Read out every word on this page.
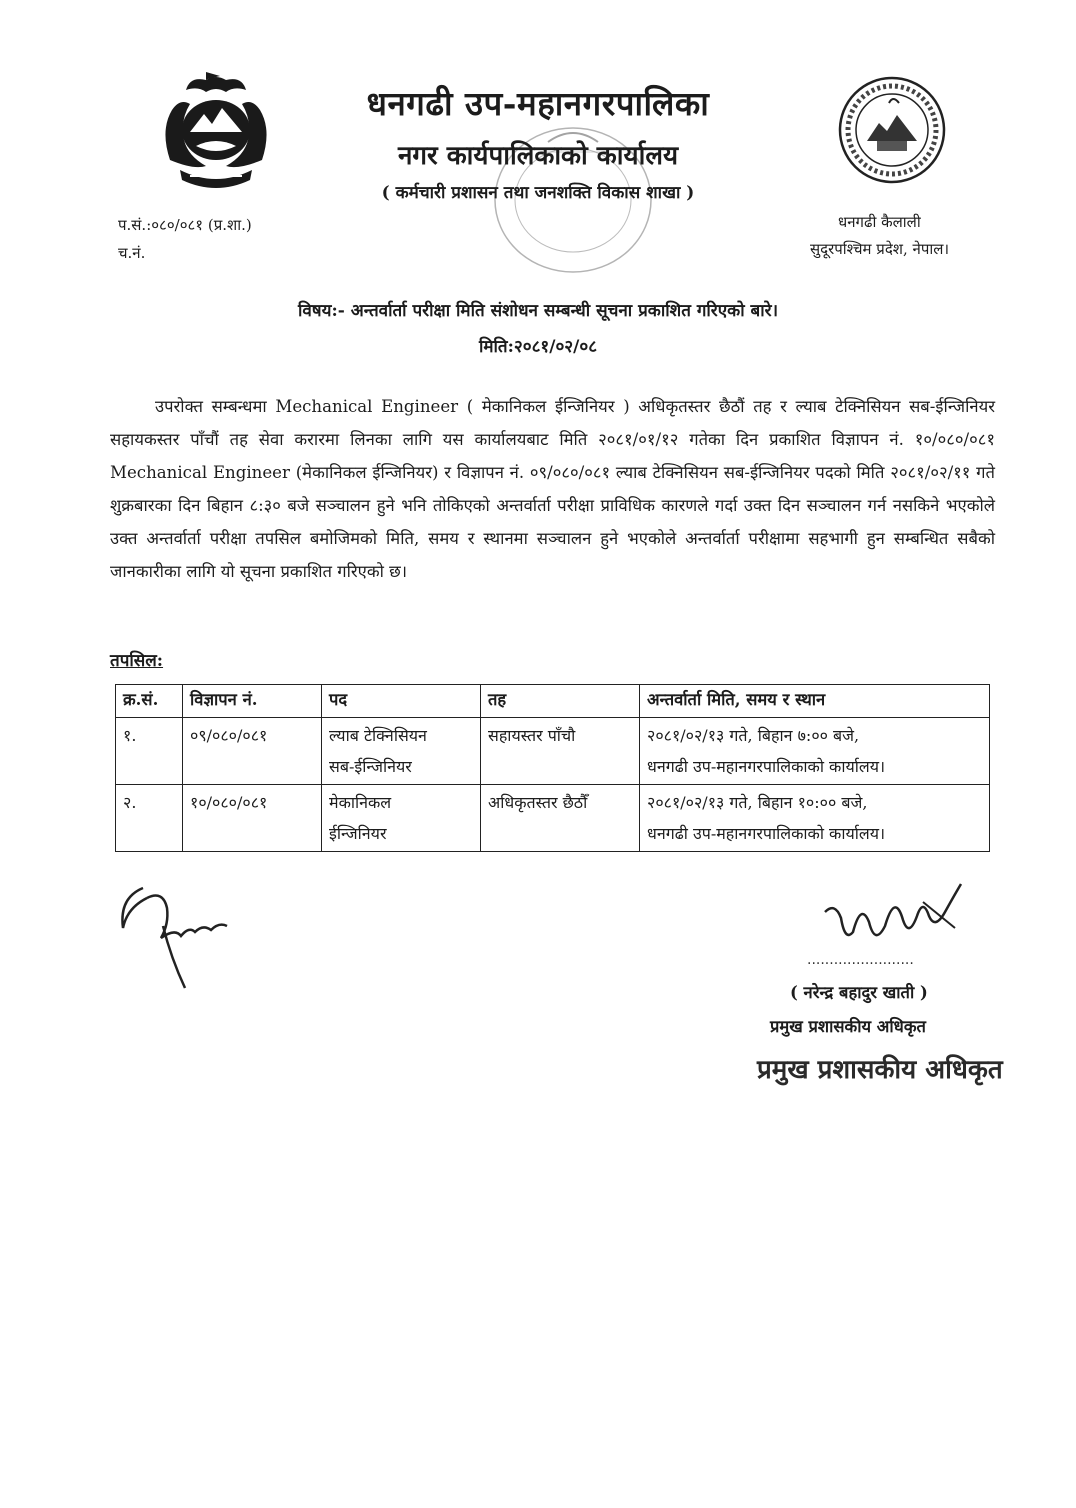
धनगढी उप-महानगरपालिका
नगर कार्यपालिकाको कार्यालय
( कर्मचारी प्रशासन तथा जनशक्ति विकास शाखा )
प.सं.:०८०/०८१ (प्र.शा.)
च.नं.
धनगढी कैलाली
सुदूरपश्चिम प्रदेश, नेपाल।
विषय:- अन्तर्वार्ता परीक्षा मिति संशोधन सम्बन्धी सूचना प्रकाशित गरिएको बारे।
मिति:२०८१/०२/०८
उपरोक्त सम्बन्धमा Mechanical Engineer ( मेकानिकल ईन्जिनियर ) अधिकृतस्तर छैठौं तह र ल्याब टेक्निसियन सब-ईन्जिनियर सहायकस्तर पाँचौं तह सेवा करारमा लिनका लागि यस कार्यालयबाट मिति २०८१/०१/१२ गतेका दिन प्रकाशित विज्ञापन नं. १०/०८०/०८१ Mechanical Engineer (मेकानिकल ईन्जिनियर) र विज्ञापन नं. ०९/०८०/०८१ ल्याब टेक्निसियन सब-ईन्जिनियर पदको मिति २०८१/०२/११ गते शुक्रबारका दिन बिहान ८:३० बजे सञ्चालन हुने भनि तोकिएको अन्तर्वार्ता परीक्षा प्राविधिक कारणले गर्दा उक्त दिन सञ्चालन गर्न नसकिने भएकोले उक्त अन्तर्वार्ता परीक्षा तपसिल बमोजिमको मिति, समय र स्थानमा सञ्चालन हुने भएकोले अन्तर्वार्ता परीक्षामा सहभागी हुन सम्बन्धित सबैको जानकारीका लागि यो सूचना प्रकाशित गरिएको छ।
तपसिल:
क्र.सं.	विज्ञापन नं.	पद	तह	अन्तर्वार्ता मिति, समय र स्थान
१.	०९/०८०/०८१	ल्याब टेक्निसियन
सब-ईन्जिनियर	सहायस्तर पाँचौ	२०८१/०२/१३ गते, बिहान ७:०० बजे,
धनगढी उप-महानगरपालिकाको कार्यालय।
२.	१०/०८०/०८१	मेकानिकल
ईन्जिनियर	अधिकृतस्तर छैठौँ	२०८१/०२/१३ गते, बिहान १०:०० बजे,
धनगढी उप-महानगरपालिकाको कार्यालय।
........................
( नरेन्द्र बहादुर खाती )
प्रमुख प्रशासकीय अधिकृत
प्रमुख प्रशासकीय अधिकृत
